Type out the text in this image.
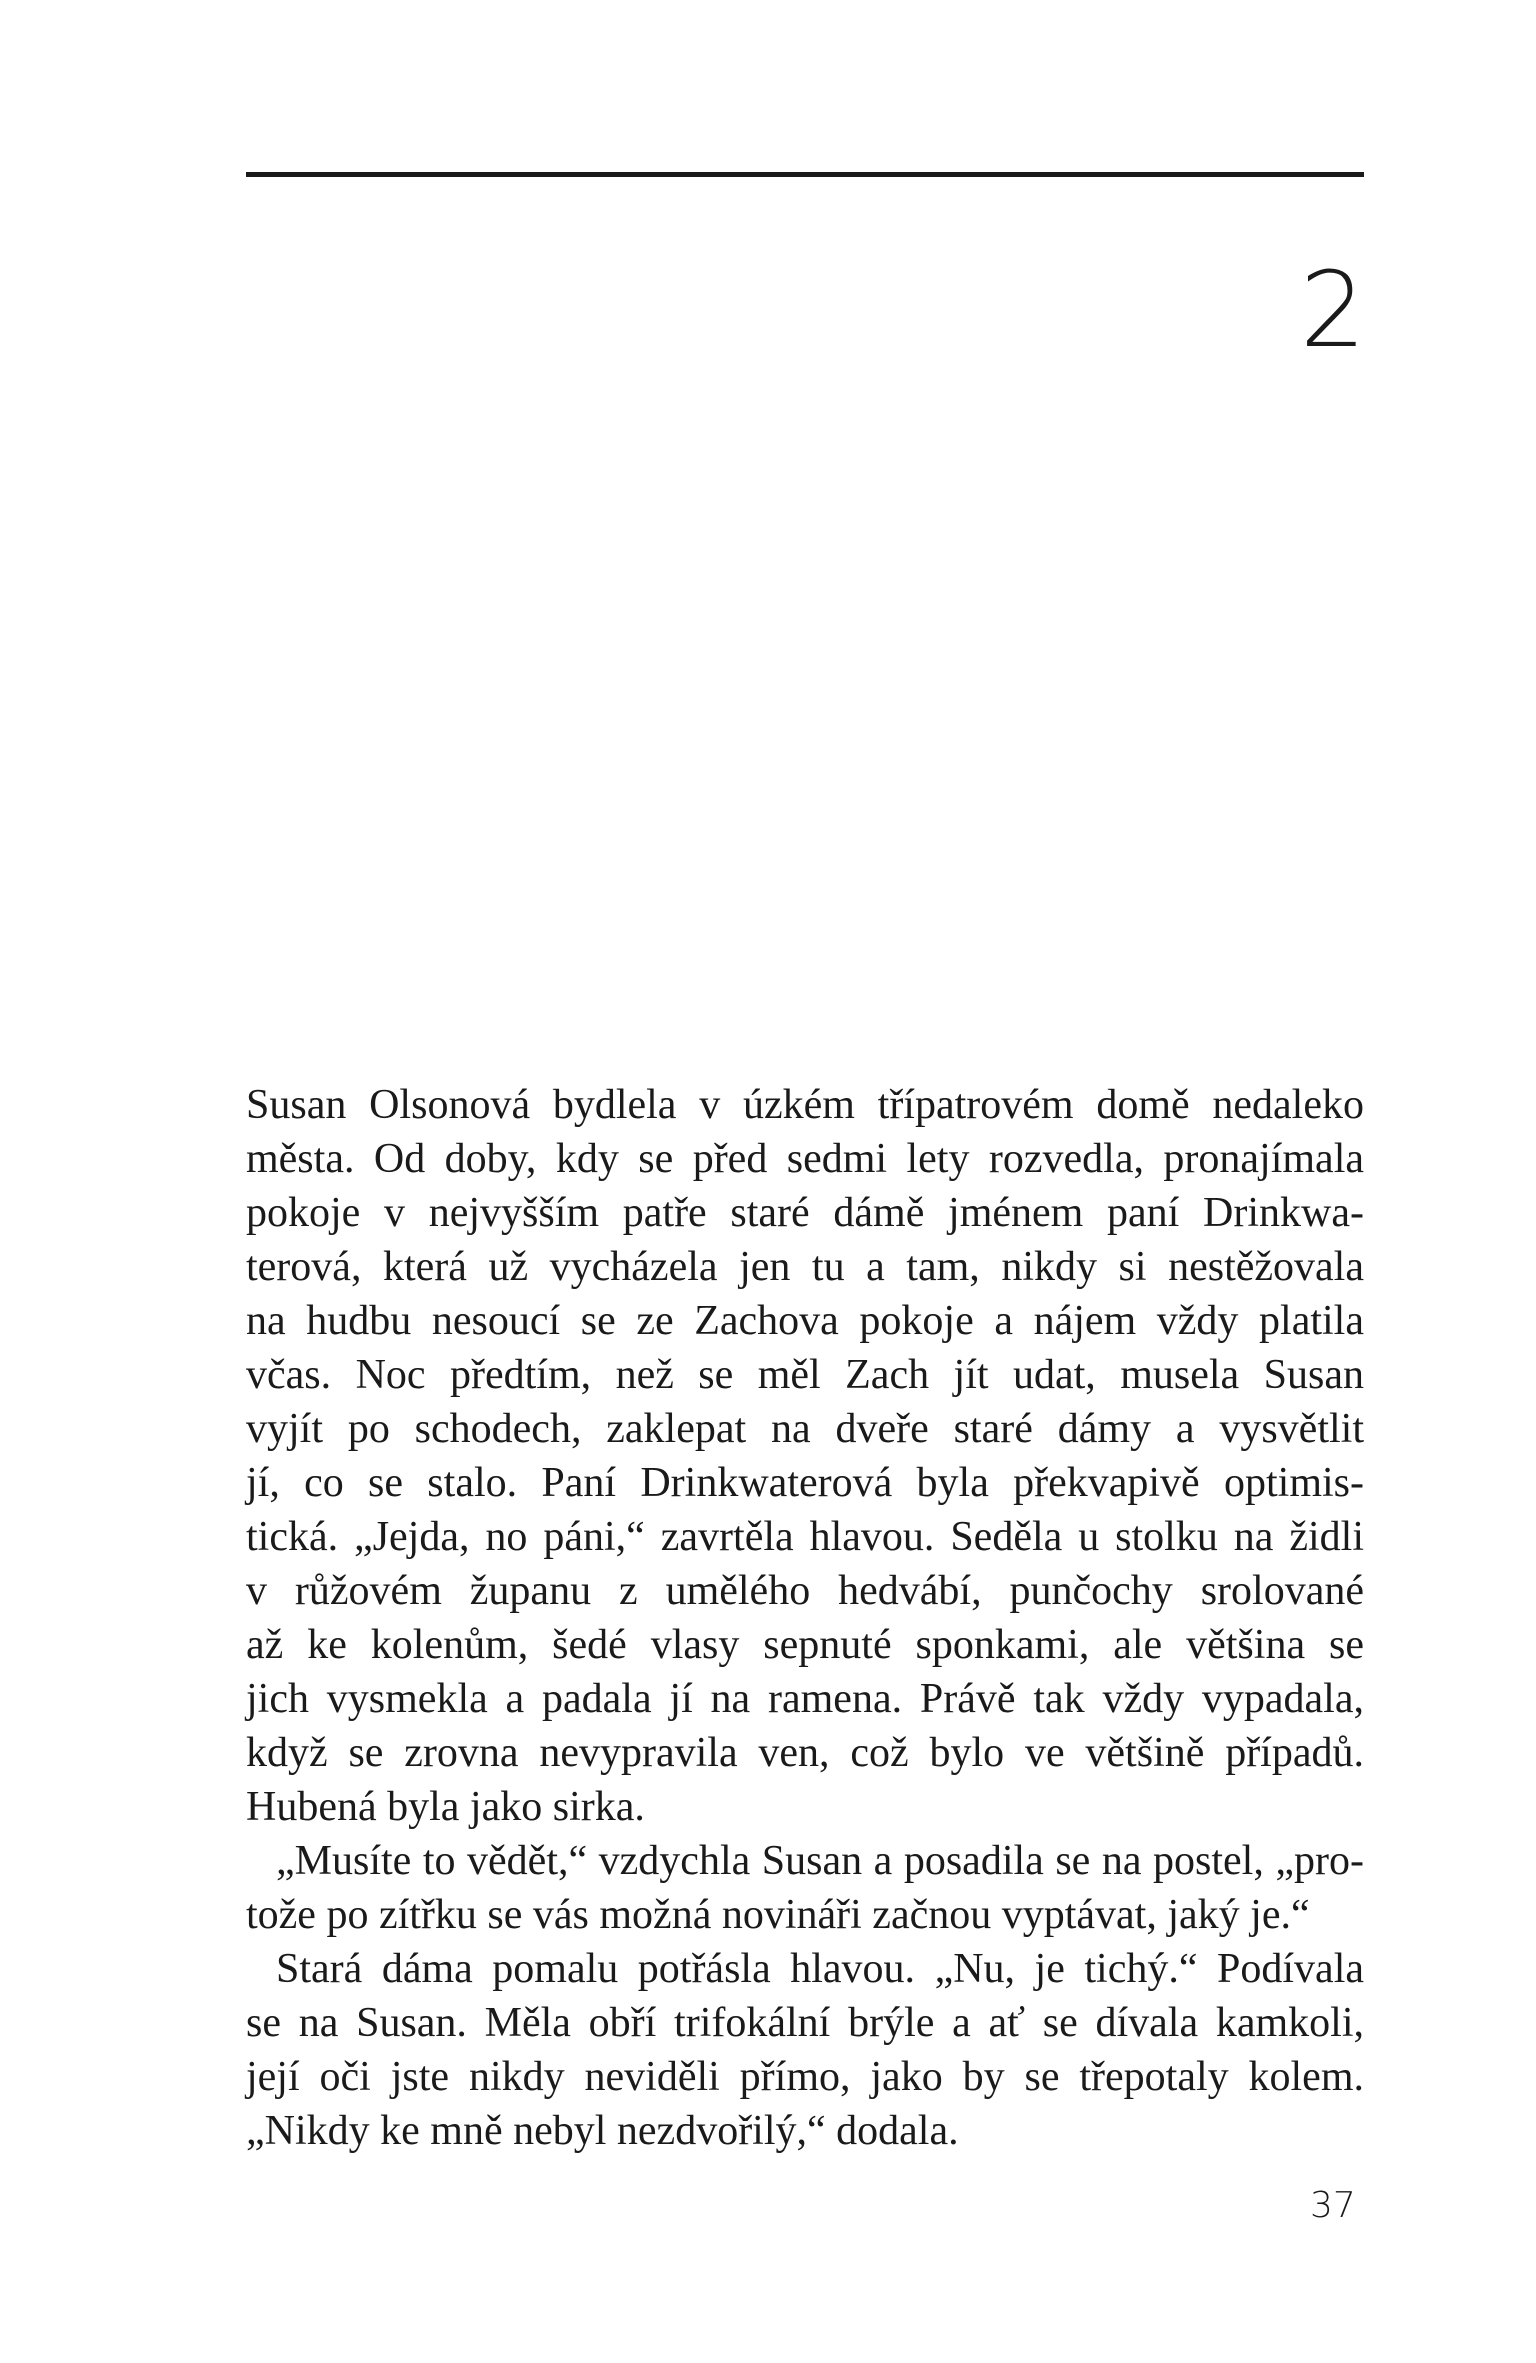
2

Susan Olsonová bydlela v úzkém třípatrovém domě nedaleko
města. Od doby, kdy se před sedmi lety rozvedla, pronajímala
pokoje v nejvyšším patře staré dámě jménem paní Drinkwa-
terová, která už vycházela jen tu a tam, nikdy si nestěžovala
na hudbu nesoucí se ze Zachova pokoje a nájem vždy platila
včas. Noc předtím, než se měl Zach jít udat, musela Susan
vyjít po schodech, zaklepat na dveře staré dámy a vysvětlit
jí, co se stalo. Paní Drinkwaterová byla překvapivě optimis-
tická. „Jejda, no páni,“ zavrtěla hlavou. Seděla u stolku na židli
v růžovém županu z umělého hedvábí, punčochy srolované
až ke kolenům, šedé vlasy sepnuté sponkami, ale většina se
jich vysmekla a padala jí na ramena. Právě tak vždy vypadala,
když se zrovna nevypravila ven, což bylo ve většině případů.
Hubená byla jako sirka.

„Musíte to vědět,“ vzdychla Susan a posadila se na postel, „pro-
tože po zítřku se vás možná novináři začnou vyptávat, jaký je.“

Stará dáma pomalu potřásla hlavou. „Nu, je tichý.“ Podívala
se na Susan. Měla obří trifokální brýle a ať se dívala kamkoli,
její oči jste nikdy neviděli přímo, jako by se třepotaly kolem.
„Nikdy ke mně nebyl nezdvořilý,“ dodala.

37
